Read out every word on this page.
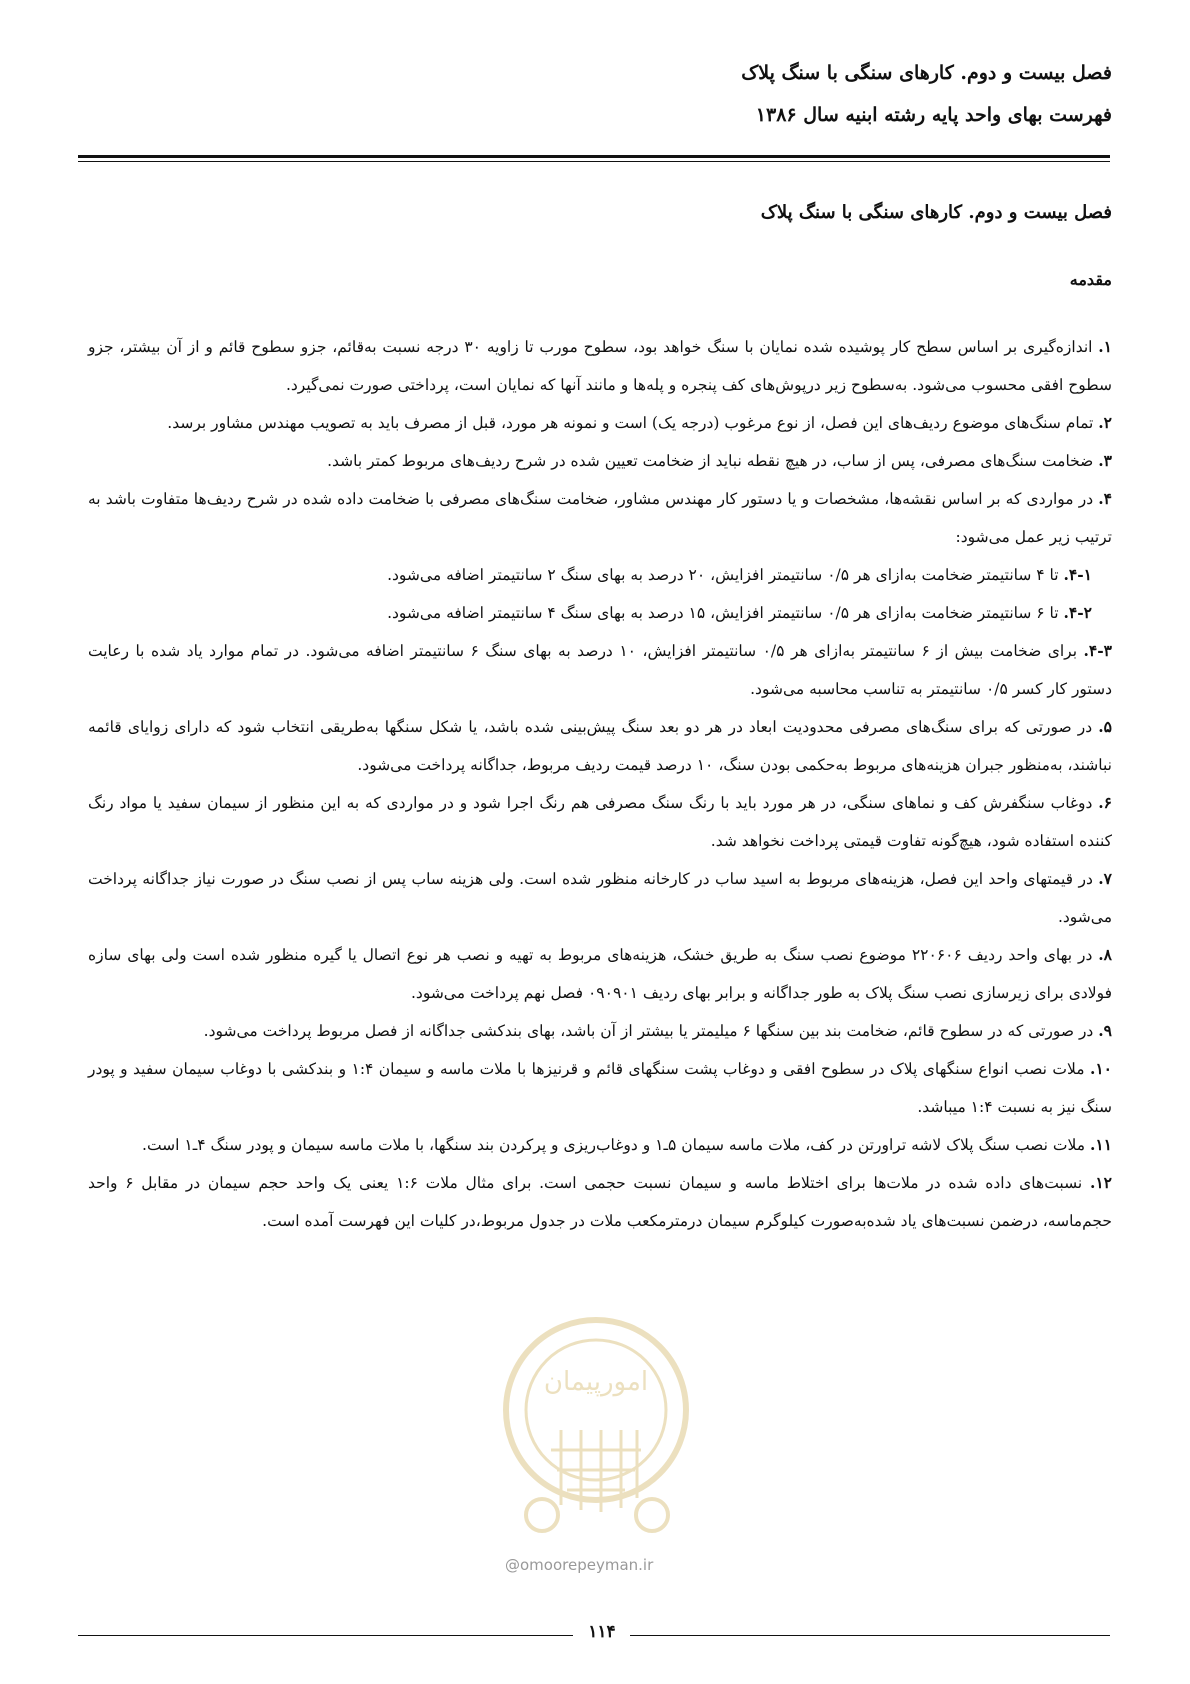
فصل بیست و دوم. کارهای سنگی با سنگ پلاک
فهرست بهای واحد پایه رشته ابنیه سال ۱۳۸۶
فصل بیست و دوم. کارهای سنگی با سنگ پلاک
مقدمه

۱. اندازه‌گیری بر اساس سطح کار پوشیده شده نمایان با سنگ خواهد بود، سطوح مورب تا زاویه ۳۰ درجه نسبت به‌قائم، جزو سطوح قائم و از آن بیشتر، جزو سطوح افقی محسوب می‌شود. به‌سطوح زیر درپوش‌های کف پنجره و پله‌ها و مانند آنها که نمایان است، پرداختی صورت نمی‌گیرد.

۲. تمام سنگ‌های موضوع ردیف‌های این فصل، از نوع مرغوب (درجه یک) است و نمونه هر مورد، قبل از مصرف باید به تصویب مهندس مشاور برسد.

۳. ضخامت سنگ‌های مصرفی، پس از ساب، در هیچ نقطه نباید از ضخامت تعیین شده در شرح ردیف‌های مربوط کمتر باشد.

۴. در مواردی که بر اساس نقشه‌ها، مشخصات و یا دستور کار مهندس مشاور، ضخامت سنگ‌های مصرفی با ضخامت داده شده در شرح ردیف‌ها متفاوت باشد به ترتیب زیر عمل می‌شود:

۴-۱. تا ۴ سانتیمتر ضخامت به‌ازای هر ۰/۵ سانتیمتر افزایش، ۲۰ درصد به بهای سنگ ۲ سانتیمتر اضافه می‌شود.

۴-۲. تا ۶ سانتیمتر ضخامت به‌ازای هر ۰/۵ سانتیمتر افزایش، ۱۵ درصد به بهای سنگ ۴ سانتیمتر اضافه می‌شود.

۴-۳. برای ضخامت بیش از ۶ سانتیمتر به‌ازای هر ۰/۵ سانتیمتر افزایش، ۱۰ درصد به بهای سنگ ۶ سانتیمتر اضافه می‌شود. در تمام موارد یاد شده با رعایت دستور کار کسر ۰/۵ سانتیمتر به تناسب محاسبه می‌شود.

۵. در صورتی که برای سنگ‌های مصرفی محدودیت ابعاد در هر دو بعد سنگ پیش‌بینی شده باشد، یا شکل سنگها به‌طریقی انتخاب شود که دارای زوایای قائمه نباشند، به‌منظور جبران هزینه‌های مربوط به‌حکمی بودن سنگ، ۱۰ درصد قیمت ردیف مربوط، جداگانه پرداخت می‌شود.

۶. دوغاب سنگفرش کف و نماهای سنگی، در هر مورد باید با رنگ سنگ مصرفی هم رنگ اجرا شود و در مواردی که به این منظور از سیمان سفید یا مواد رنگ کننده استفاده شود، هیچ‌گونه تفاوت قیمتی پرداخت نخواهد شد.

۷. در قیمتهای واحد این فصل، هزینه‌های مربوط به اسید ساب در کارخانه منظور شده است. ولی هزینه ساب پس از نصب سنگ در صورت نیاز جداگانه پرداخت می‌شود.

۸. در بهای واحد ردیف ۲۲۰۶۰۶ موضوع نصب سنگ به طریق خشک، هزینه‌های مربوط به تهیه و نصب هر نوع اتصال یا گیره منظور شده است ولی بهای سازه فولادی برای زیرسازی نصب سنگ پلاک به طور جداگانه و برابر بهای ردیف ۰۹۰۹۰۱ فصل نهم پرداخت می‌شود.

۹. در صورتی که در سطوح قائم، ضخامت بند بین سنگها ۶ میلیمتر یا بیشتر از آن باشد، بهای بندکشی جداگانه از فصل مربوط پرداخت می‌شود.

۱۰. ملات نصب انواع سنگهای پلاک در سطوح افقی و دوغاب پشت سنگهای قائم و قرنیزها با ملات ماسه و سیمان ۱:۴ و بندکشی با دوغاب سیمان سفید و پودر سنگ نیز به نسبت ۱:۴ میباشد.

۱۱. ملات نصب سنگ پلاک لاشه تراورتن در کف، ملات ماسه سیمان ۵ـ۱ و دوغاب‌ریزی و پرکردن بند سنگها، با ملات ماسه سیمان و پودر سنگ ۴ـ۱ است.

۱۲. نسبت‌های داده شده در ملات‌ها برای اختلاط ماسه و سیمان نسبت حجمی است. برای مثال ملات ۱:۶ یعنی یک واحد حجم سیمان در مقابل ۶ واحد حجم‌ماسه، درضمن نسبت‌های یاد شده‌به‌صورت کیلوگرم سیمان درمترمکعب ملات در جدول مربوط،در کلیات این فهرست آمده است.

امورپیمان
@omoorepeyman.ir
۱۱۴
